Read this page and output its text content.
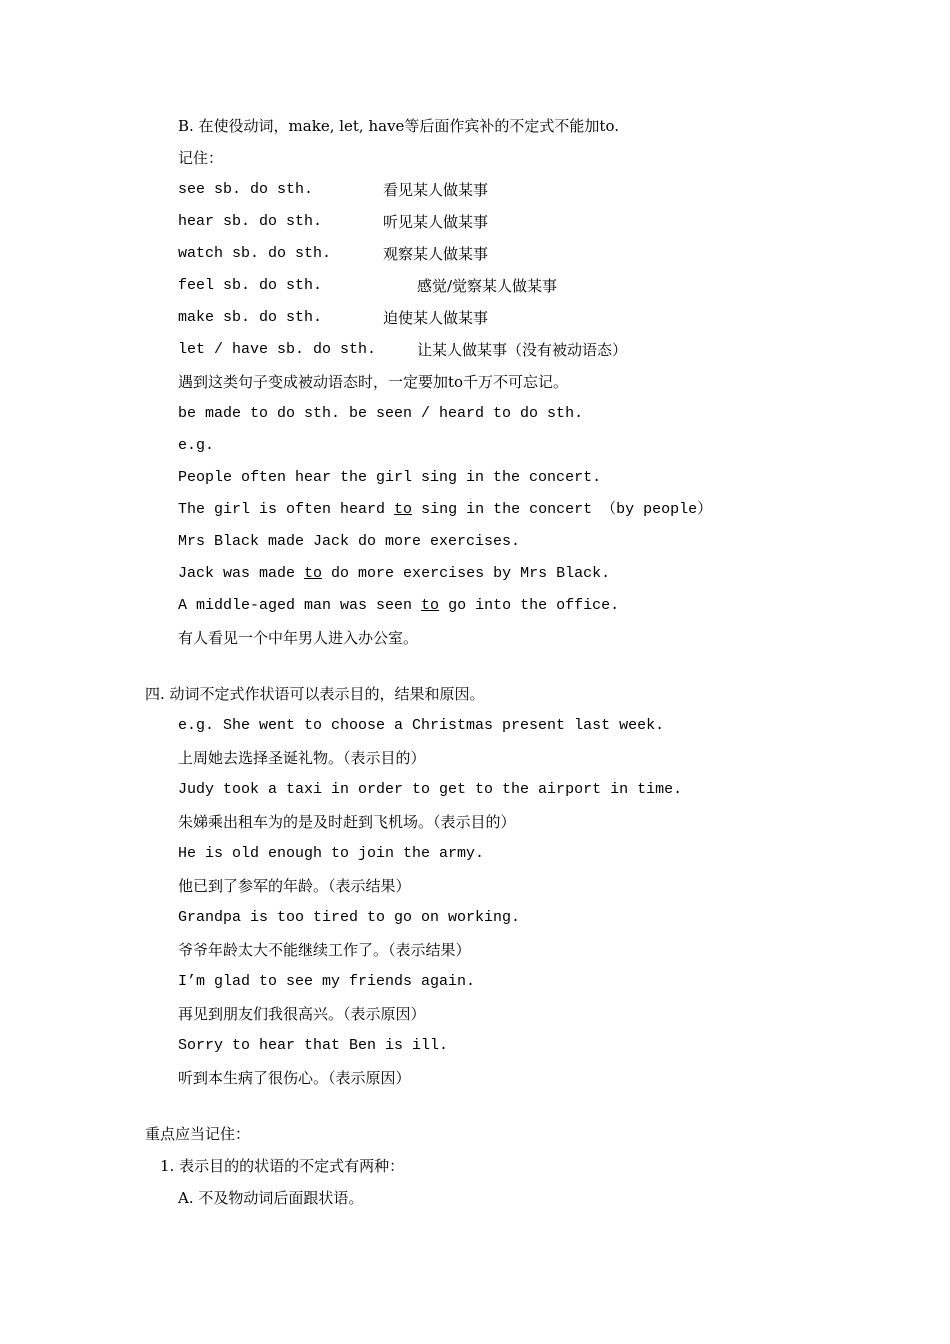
B. 在使役动词，make, let, have等后面作宾补的不定式不能加to.
记住：
see sb. do sth.	看见某人做某事
hear sb. do sth.	听见某人做某事
watch sb. do sth.	观察某人做某事
feel sb. do sth.	感觉/觉察某人做某事
make sb. do sth.	迫使某人做某事
let / have sb. do sth.	让某人做某事（没有被动语态）
遇到这类句子变成被动语态时，一定要加to千万不可忘记。
be made to do sth. be seen / heard to do sth.
e.g.
People often hear the girl sing in the concert.
The girl is often heard to sing in the concert （by people）
Mrs Black made Jack do more exercises.
Jack was made to do more exercises by Mrs Black.
A middle-aged man was seen to go into the office.
有人看见一个中年男人进入办公室。
四. 动词不定式作状语可以表示目的，结果和原因。
e.g. She went to choose a Christmas present last week.
上周她去选择圣诞礼物。（表示目的）
Judy took a taxi in order to get to the airport in time.
朱娣乘出租车为的是及时赶到飞机场。（表示目的）
He is old enough to join the army.
他已到了参军的年龄。（表示结果）
Grandpa is too tired to go on working.
爷爷年龄太大不能继续工作了。（表示结果）
I’m glad to see my friends again.
再见到朋友们我很高兴。（表示原因）
Sorry to hear that Ben is ill.
听到本生病了很伤心。（表示原因）
重点应当记住：
1. 表示目的的状语的不定式有两种：
A. 不及物动词后面跟状语。
